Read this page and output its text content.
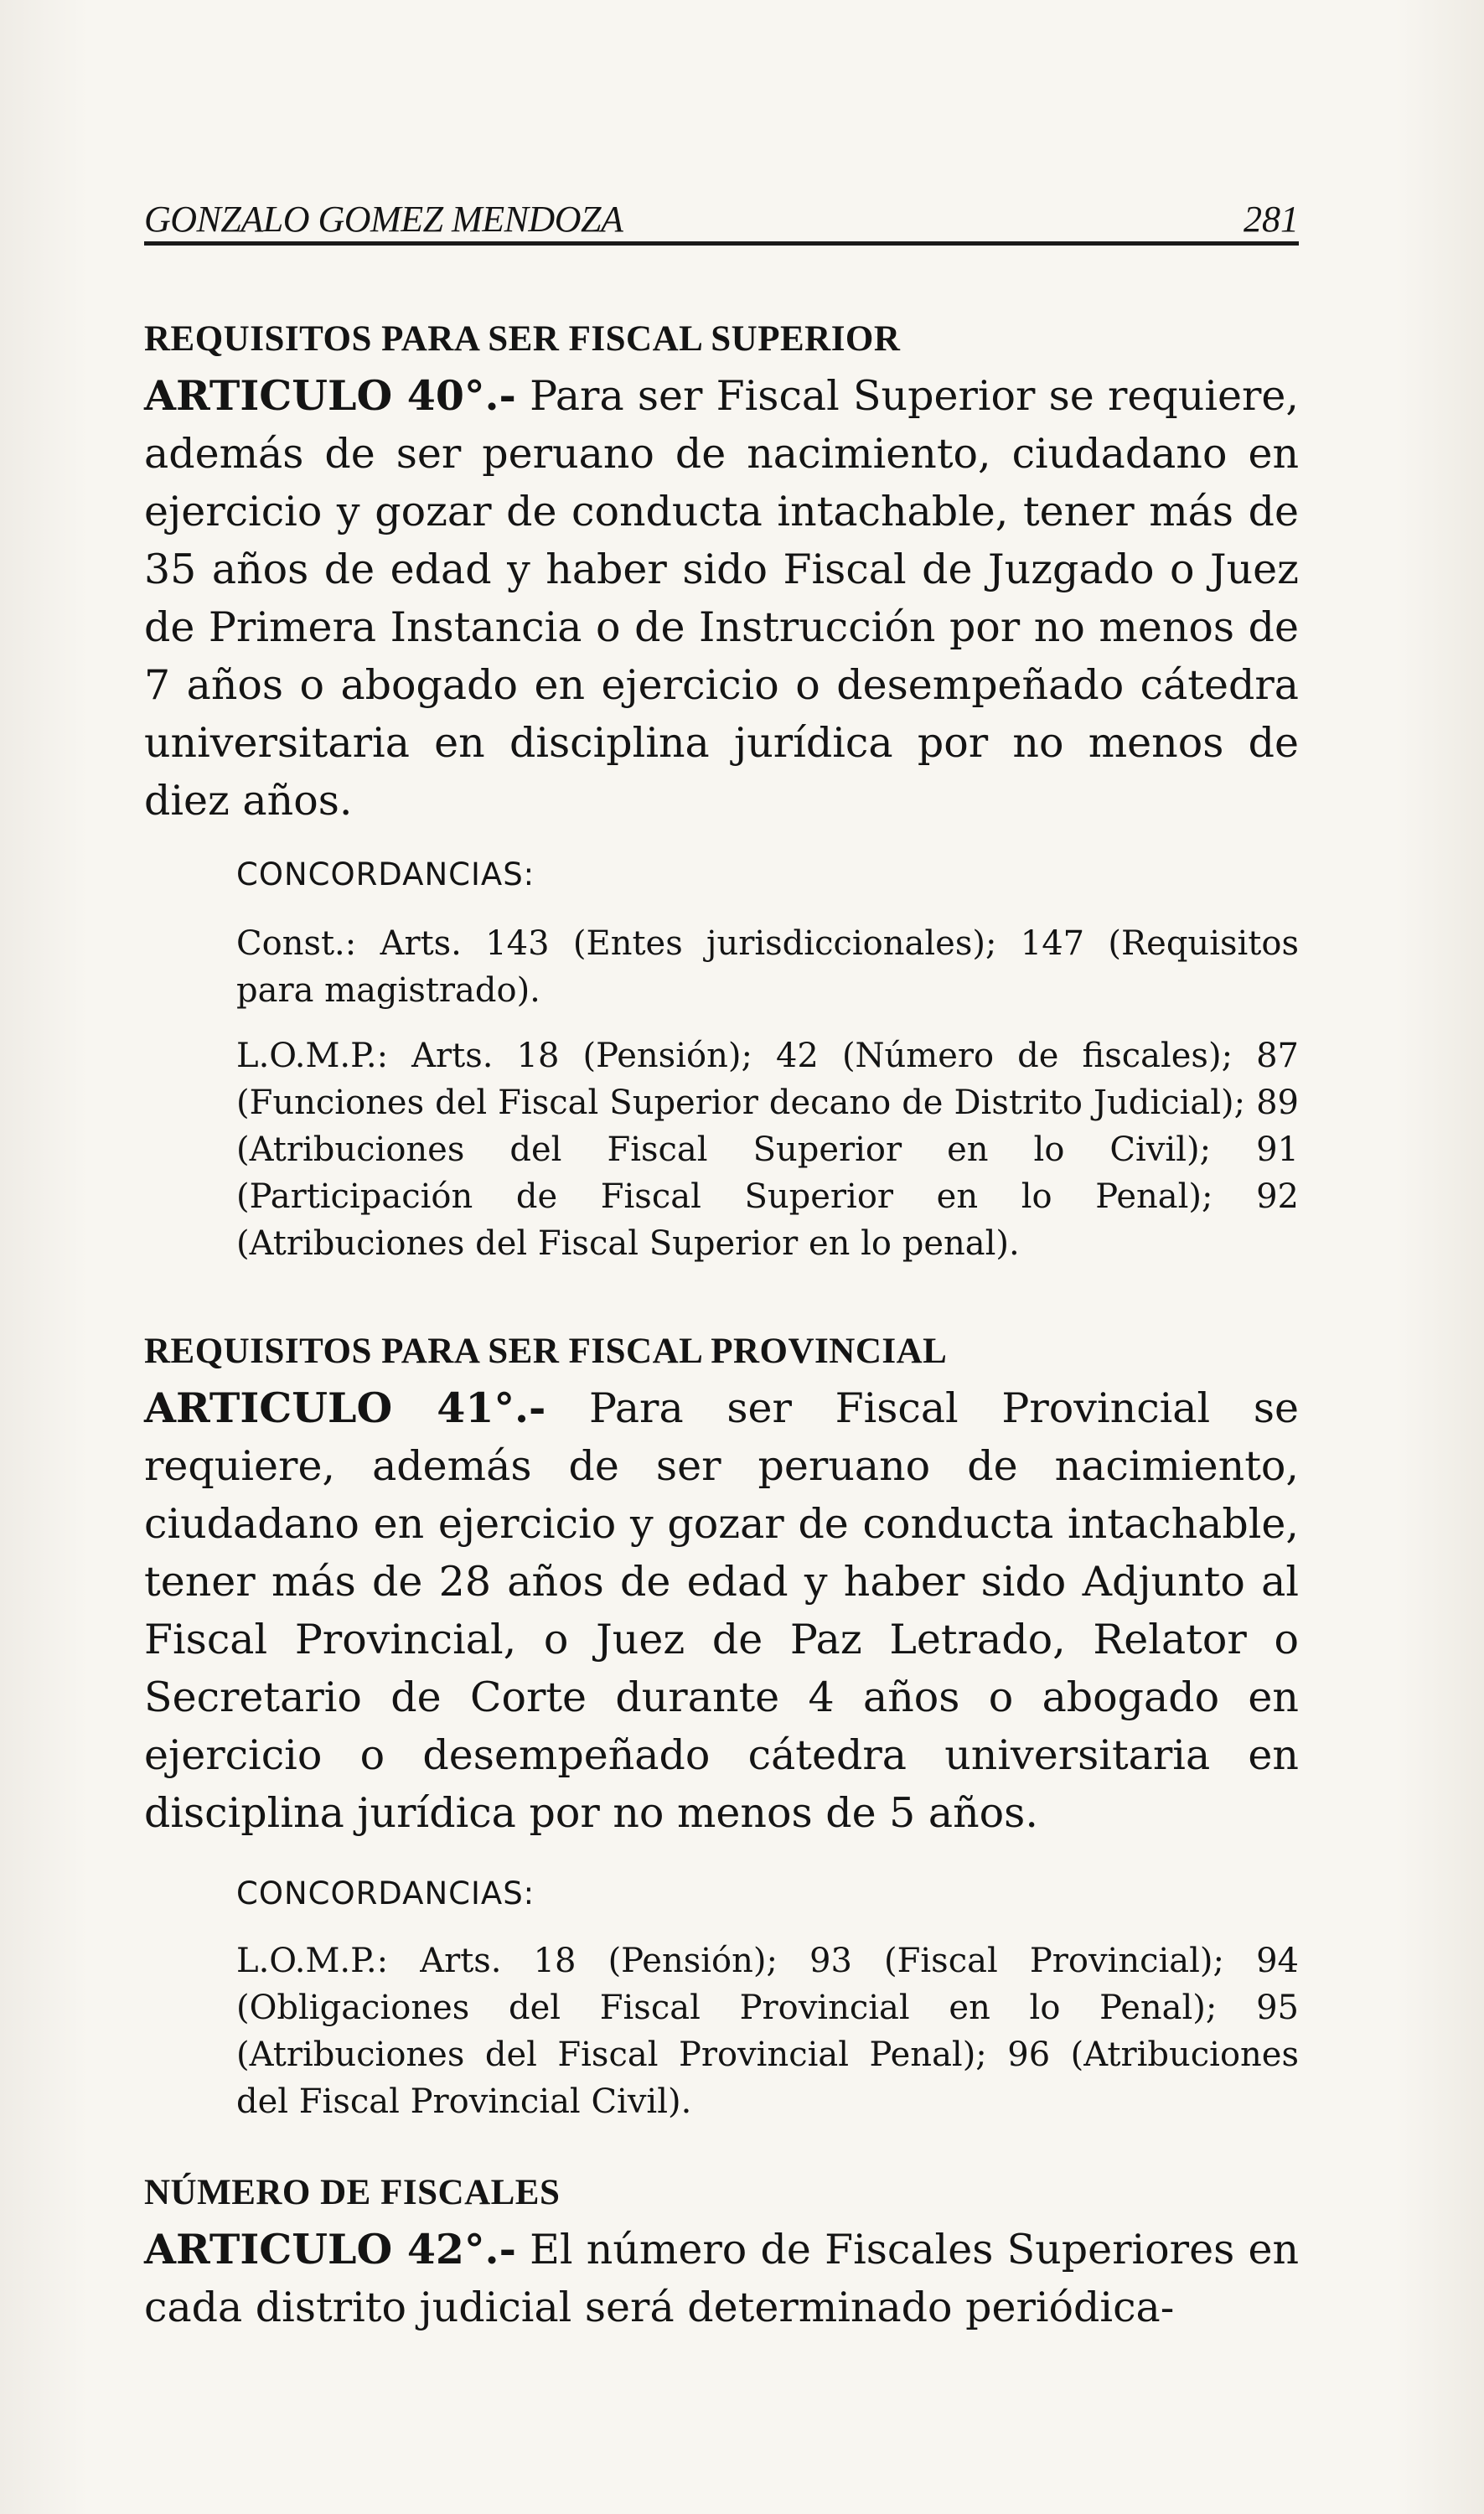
GONZALO GOMEZ MENDOZA	281

REQUISITOS PARA SER FISCAL SUPERIOR

ARTICULO 40°.- Para ser Fiscal Superior se requiere, además de ser peruano de nacimiento, ciudadano en ejercicio y gozar de conducta intachable, tener más de 35 años de edad y haber sido Fiscal de Juzgado o Juez de Primera Instancia o de Instrucción por no menos de 7 años o abogado en ejercicio o desempeñado cátedra universitaria en disciplina jurídica por no menos de diez años.

CONCORDANCIAS:

Const.: Arts. 143 (Entes jurisdiccionales); 147 (Requisitos para magistrado).

L.O.M.P.: Arts. 18 (Pensión); 42 (Número de fiscales); 87 (Funciones del Fiscal Superior decano de Distrito Judicial); 89 (Atribuciones del Fiscal Superior en lo Civil); 91 (Participación de Fiscal Superior en lo Penal); 92 (Atribuciones del Fiscal Superior en lo penal).

REQUISITOS PARA SER FISCAL PROVINCIAL

ARTICULO 41°.- Para ser Fiscal Provincial se requiere, además de ser peruano de nacimiento, ciudadano en ejercicio y gozar de conducta intachable, tener más de 28 años de edad y haber sido Adjunto al Fiscal Provincial, o Juez de Paz Letrado, Relator o Secretario de Corte durante 4 años o abogado en ejercicio o desempeñado cátedra universitaria en disciplina jurídica por no menos de 5 años.

CONCORDANCIAS:

L.O.M.P.: Arts. 18 (Pensión); 93 (Fiscal Provincial); 94 (Obligaciones del Fiscal Provincial en lo Penal); 95 (Atribuciones del Fiscal Provincial Penal); 96 (Atribuciones del Fiscal Provincial Civil).

NÚMERO DE FISCALES

ARTICULO 42°.- El número de Fiscales Superiores en cada distrito judicial será determinado periódica-
